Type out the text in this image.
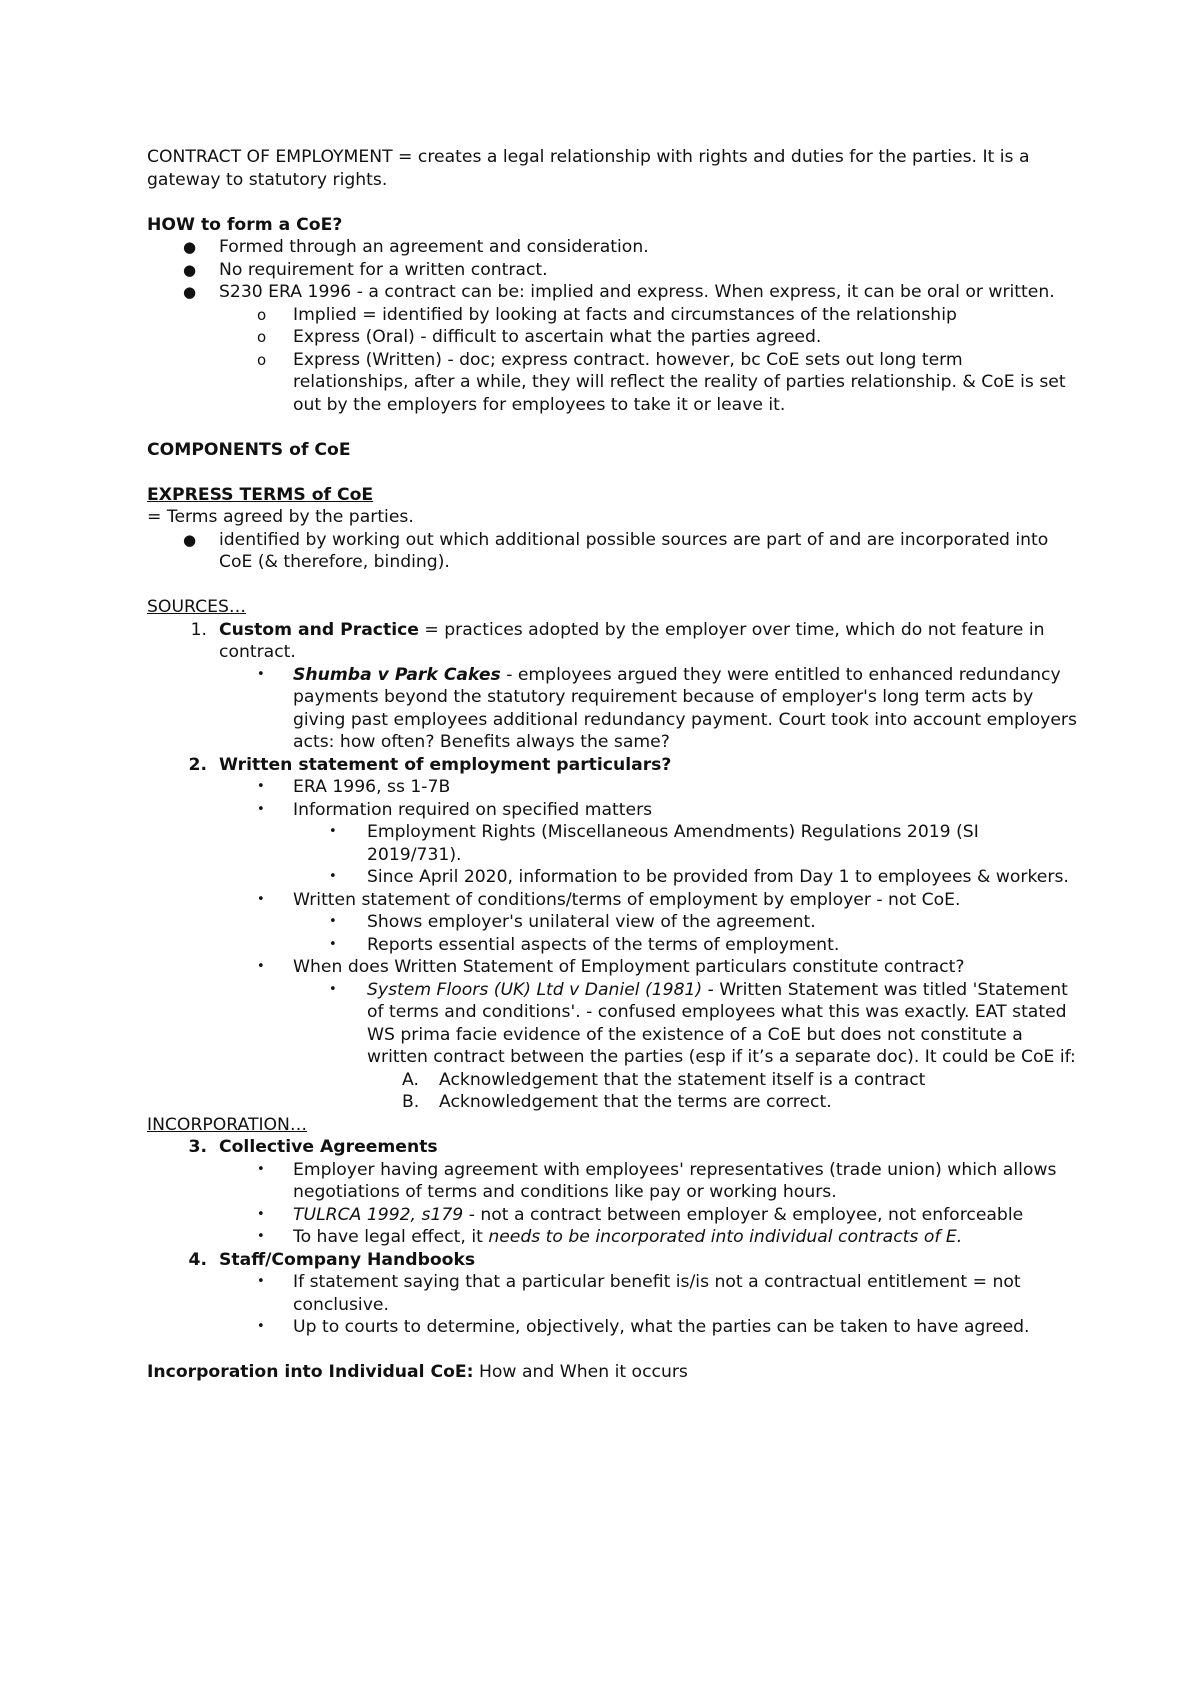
CONTRACT OF EMPLOYMENT = creates a legal relationship with rights and duties for the parties. It is a gateway to statutory rights.

HOW to form a CoE?

● Formed through an agreement and consideration.
● No requirement for a written contract.
● S230 ERA 1996 - a contract can be: implied and express. When express, it can be oral or written.
o Implied = identified by looking at facts and circumstances of the relationship
o Express (Oral) - difficult to ascertain what the parties agreed.
o Express (Written) - doc; express contract. however, bc CoE sets out long term relationships, after a while, they will reflect the reality of parties relationship. & CoE is set out by the employers for employees to take it or leave it.

COMPONENTS of CoE

EXPRESS TERMS of CoE

= Terms agreed by the parties.

● identified by working out which additional possible sources are part of and are incorporated into CoE (& therefore, binding).

SOURCES…

1. Custom and Practice = practices adopted by the employer over time, which do not feature in contract.
• Shumba v Park Cakes - employees argued they were entitled to enhanced redundancy payments beyond the statutory requirement because of employer's long term acts by giving past employees additional redundancy payment. Court took into account employers acts: how often? Benefits always the same?
2. Written statement of employment particulars?
• ERA 1996, ss 1-7B
• Information required on specified matters
• Employment Rights (Miscellaneous Amendments) Regulations 2019 (SI 2019/731).
• Since April 2020, information to be provided from Day 1 to employees & workers.
• Written statement of conditions/terms of employment by employer - not CoE.
• Shows employer's unilateral view of the agreement.
• Reports essential aspects of the terms of employment.
• When does Written Statement of Employment particulars constitute contract?
• System Floors (UK) Ltd v Daniel (1981) - Written Statement was titled 'Statement of terms and conditions'. - confused employees what this was exactly. EAT stated WS prima facie evidence of the existence of a CoE but does not constitute a written contract between the parties (esp if it’s a separate doc). It could be CoE if:
A. Acknowledgement that the statement itself is a contract
B. Acknowledgement that the terms are correct.

INCORPORATION…

3. Collective Agreements
• Employer having agreement with employees' representatives (trade union) which allows negotiations of terms and conditions like pay or working hours.
• TULRCA 1992, s179 - not a contract between employer & employee, not enforceable
• To have legal effect, it needs to be incorporated into individual contracts of E.
4. Staff/Company Handbooks
• If statement saying that a particular benefit is/is not a contractual entitlement = not conclusive.
• Up to courts to determine, objectively, what the parties can be taken to have agreed.

Incorporation into Individual CoE: How and When it occurs
